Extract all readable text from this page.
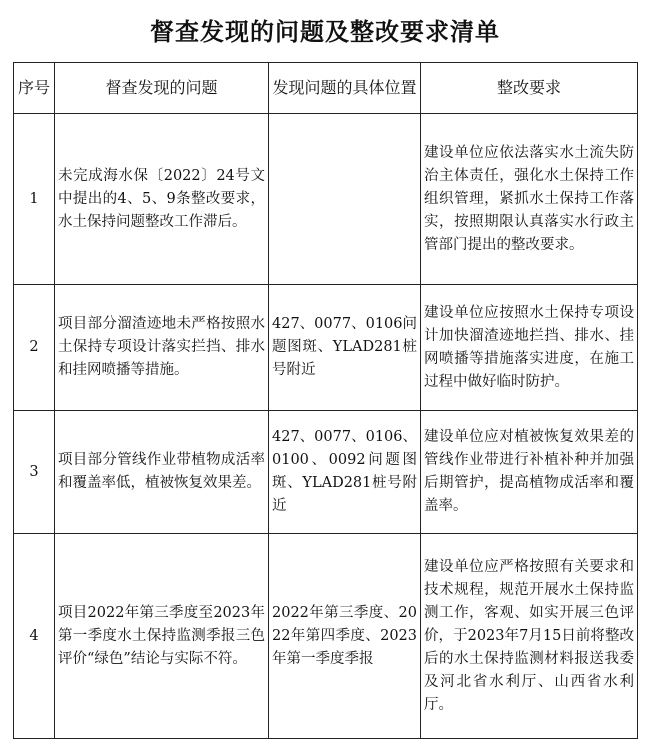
督查发现的问题及整改要求清单
序号	督查发现的问题	发现问题的具体位置	整改要求
1	未完成海水保〔2022〕24号文中提出的4、5、9条整改要求，水土保持问题整改工作滞后。		建设单位应依法落实水土流失防治主体责任，强化水土保持工作组织管理，紧抓水土保持工作落实，按照期限认真落实水行政主管部门提出的整改要求。
2	项目部分溜渣迹地未严格按照水土保持专项设计落实拦挡、排水和挂网喷播等措施。	427、0077、0106问题图斑、YLAD281桩号附近	建设单位应按照水土保持专项设计加快溜渣迹地拦挡、排水、挂网喷播等措施落实进度，在施工过程中做好临时防护。
3	项目部分管线作业带植物成活率和覆盖率低，植被恢复效果差。	427、0077、0106、0100、0092问题图斑、YLAD281桩号附近	建设单位应对植被恢复效果差的管线作业带进行补植补种并加强后期管护，提高植物成活率和覆盖率。
4	项目2022年第三季度至2023年第一季度水土保持监测季报三色评价“绿色”结论与实际不符。	2022年第三季度、2022年第四季度、2023年第一季度季报	建设单位应严格按照有关要求和技术规程，规范开展水土保持监测工作，客观、如实开展三色评价，于2023年7月15日前将整改后的水土保持监测材料报送我委及河北省水利厅、山西省水利厅。
